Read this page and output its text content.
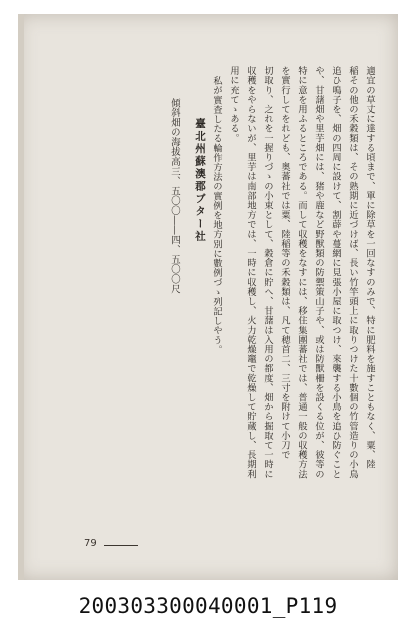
適宜の草丈に達する頃まで、單に除草を一回なすのみで、特に肥料を施すこともなく、粟、陸

稲その他の禾穀類は、その熟期に近づけば、長い竹竿頭上に取りつけた十數個の竹管造りの小鳥

追ひ鳴子を、畑の四周に設けて、割薜や蔓網に見張小屋に取つけ、來襲する小鳥を追ひ防ぐこと

や、甘藷畑や里芋畑には、猪や鹿など野獸類の防禦策山子や、或は防獸柵を設くる位が、彼等の

特に意を用ふるところである。而して収穫をなすには、移住集團蕃社では、普通一般の収穫方法

を實行してをれども、奥蕃社では粟、陸稲等の禾穀類は、凡て穂首二、三寸を附けて小刀で

切取り、之れを一握りづゝの小束として、穀倉に貯へ、甘藷は入用の都度、畑から掘取て一時に

収穫をやらないが、里芋は南部地方では、一時に収穫し、火力乾燥竈で乾燥して貯蔵し、長期利

用に充てゝある。

私が實査したる輪作方法の實例を地方別に數例づゝ列記しやう。

臺北州蘇澳郡ブター社

傾斜畑の海拔高三、五〇〇――四、五〇〇尺

79
200303300040001_P119
